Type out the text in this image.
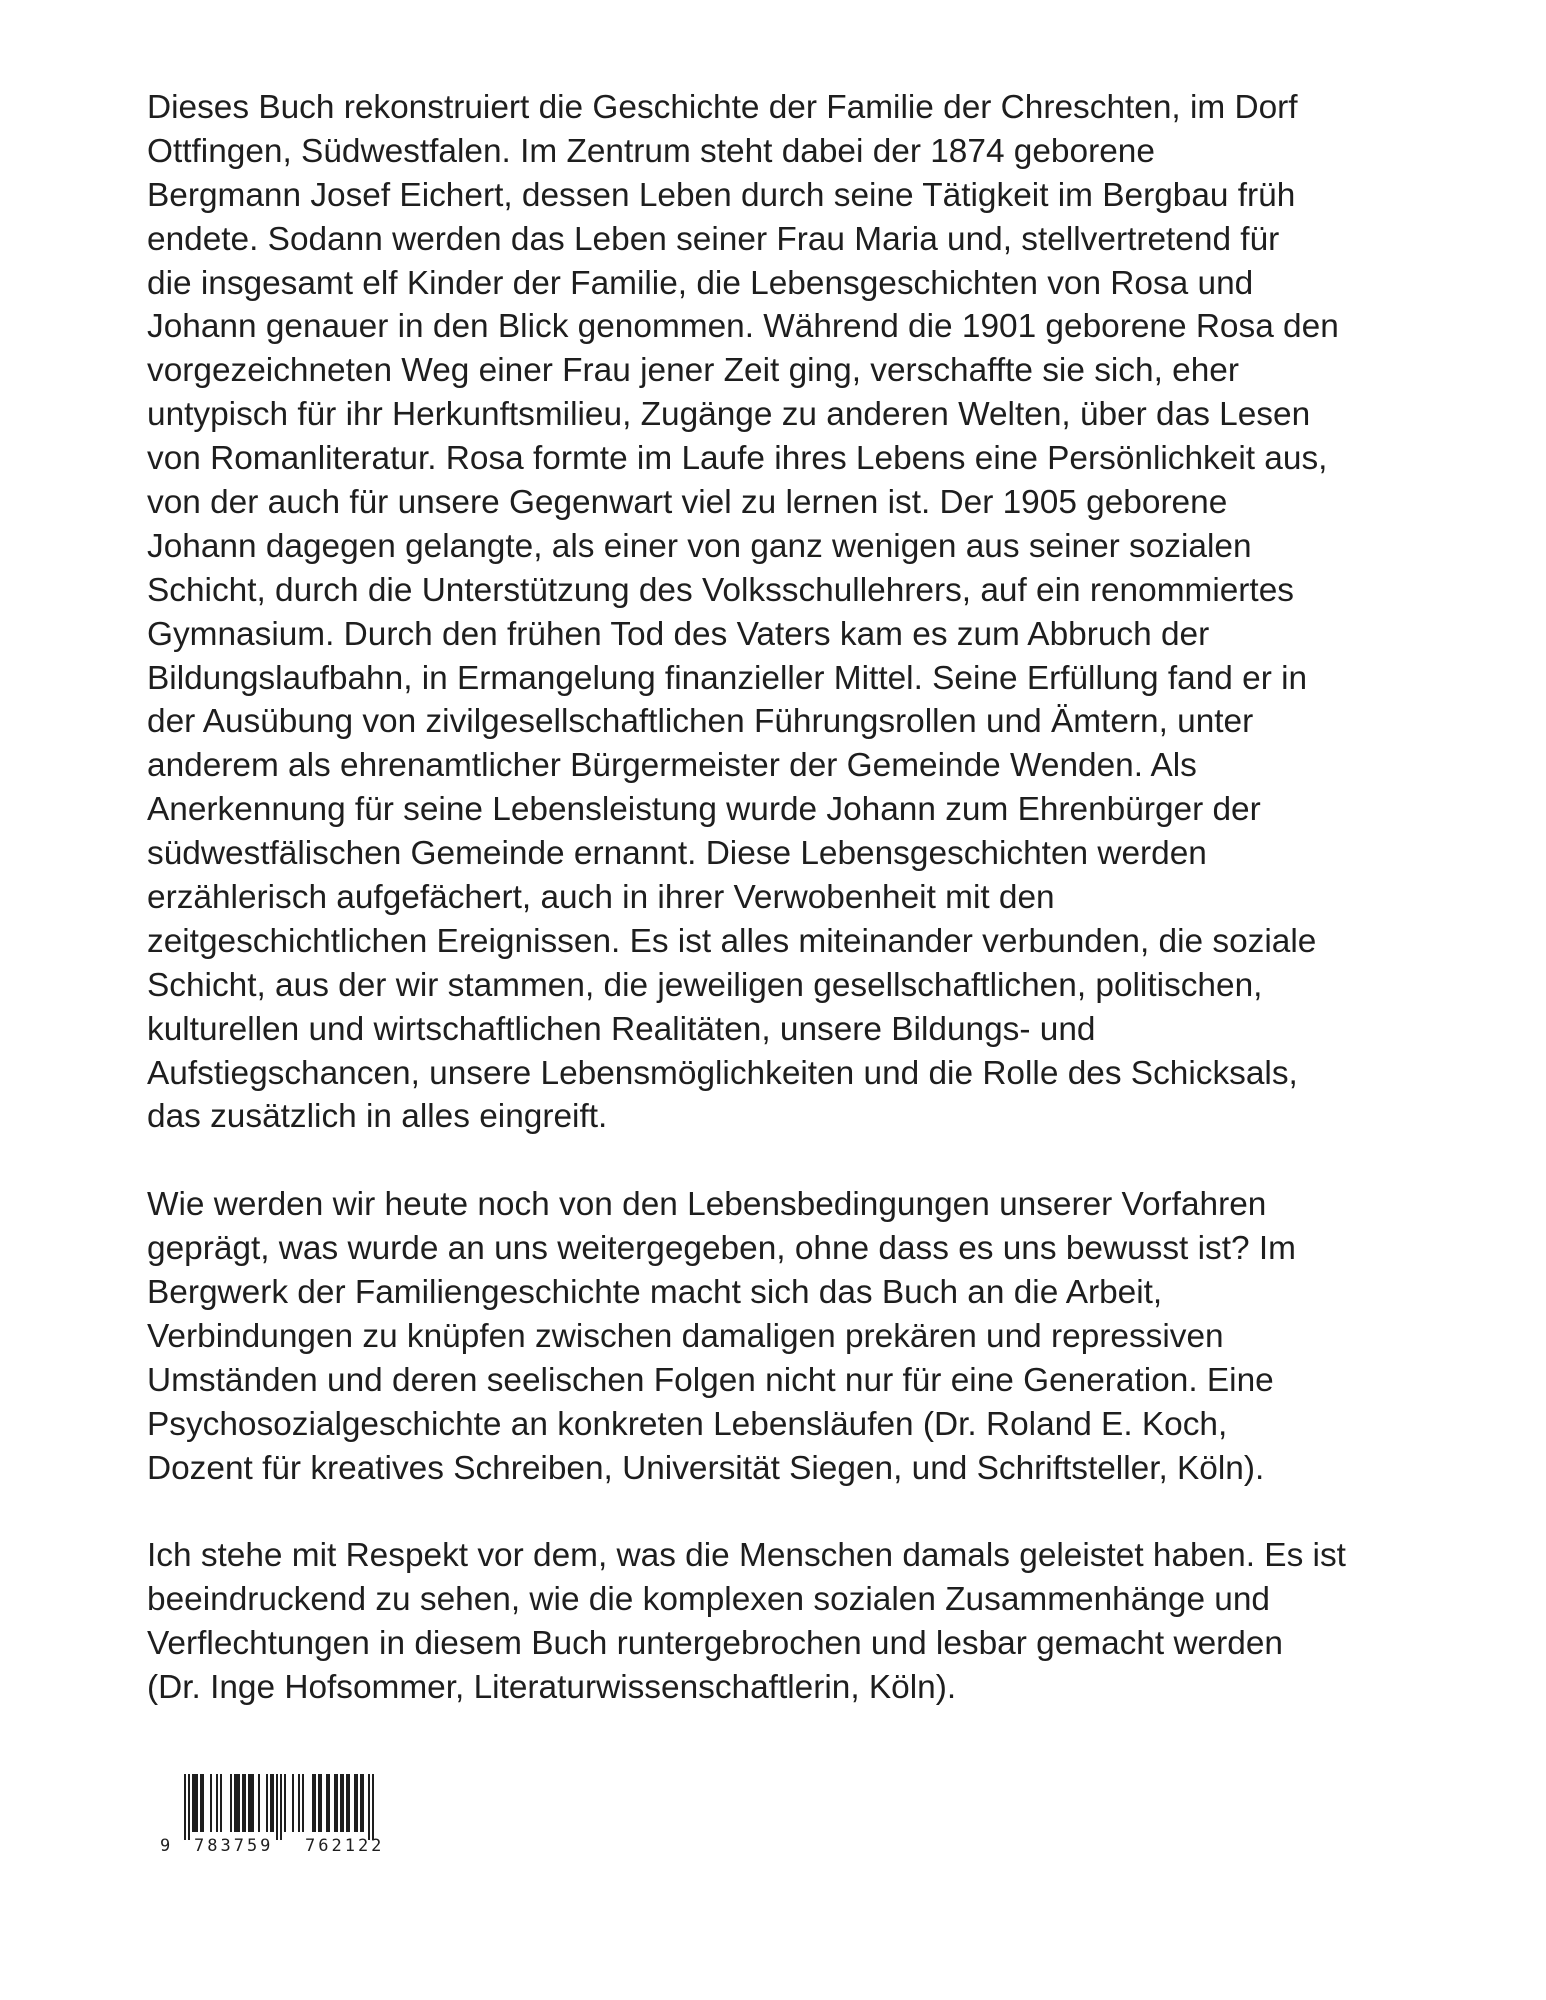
Dieses Buch rekonstruiert die Geschichte der Familie der Chreschten, im Dorf
Ottfingen, Südwestfalen. Im Zentrum steht dabei der 1874 geborene
Bergmann Josef Eichert, dessen Leben durch seine Tätigkeit im Bergbau früh
endete. Sodann werden das Leben seiner Frau Maria und, stellvertretend für
die insgesamt elf Kinder der Familie, die Lebensgeschichten von Rosa und
Johann genauer in den Blick genommen. Während die 1901 geborene Rosa den
vorgezeichneten Weg einer Frau jener Zeit ging, verschaffte sie sich, eher
untypisch für ihr Herkunftsmilieu, Zugänge zu anderen Welten, über das Lesen
von Romanliteratur. Rosa formte im Laufe ihres Lebens eine Persönlichkeit aus,
von der auch für unsere Gegenwart viel zu lernen ist. Der 1905 geborene
Johann dagegen gelangte, als einer von ganz wenigen aus seiner sozialen
Schicht, durch die Unterstützung des Volksschullehrers, auf ein renommiertes
Gymnasium. Durch den frühen Tod des Vaters kam es zum Abbruch der
Bildungslaufbahn, in Ermangelung finanzieller Mittel. Seine Erfüllung fand er in
der Ausübung von zivilgesellschaftlichen Führungsrollen und Ämtern, unter
anderem als ehrenamtlicher Bürgermeister der Gemeinde Wenden. Als
Anerkennung für seine Lebensleistung wurde Johann zum Ehrenbürger der
südwestfälischen Gemeinde ernannt. Diese Lebensgeschichten werden
erzählerisch aufgefächert, auch in ihrer Verwobenheit mit den
zeitgeschichtlichen Ereignissen. Es ist alles miteinander verbunden, die soziale
Schicht, aus der wir stammen, die jeweiligen gesellschaftlichen, politischen,
kulturellen und wirtschaftlichen Realitäten, unsere Bildungs- und
Aufstiegschancen, unsere Lebensmöglichkeiten und die Rolle des Schicksals,
das zusätzlich in alles eingreift.
Wie werden wir heute noch von den Lebensbedingungen unserer Vorfahren
geprägt, was wurde an uns weitergegeben, ohne dass es uns bewusst ist? Im
Bergwerk der Familiengeschichte macht sich das Buch an die Arbeit,
Verbindungen zu knüpfen zwischen damaligen prekären und repressiven
Umständen und deren seelischen Folgen nicht nur für eine Generation. Eine
Psychosozialgeschichte an konkreten Lebensläufen (Dr. Roland E. Koch,
Dozent für kreatives Schreiben, Universität Siegen, und Schriftsteller, Köln).
Ich stehe mit Respekt vor dem, was die Menschen damals geleistet haben. Es ist
beeindruckend zu sehen, wie die komplexen sozialen Zusammenhänge und
Verflechtungen in diesem Buch runtergebrochen und lesbar gemacht werden
(Dr. Inge Hofsommer, Literaturwissenschaftlerin, Köln).
9 783759 762122
